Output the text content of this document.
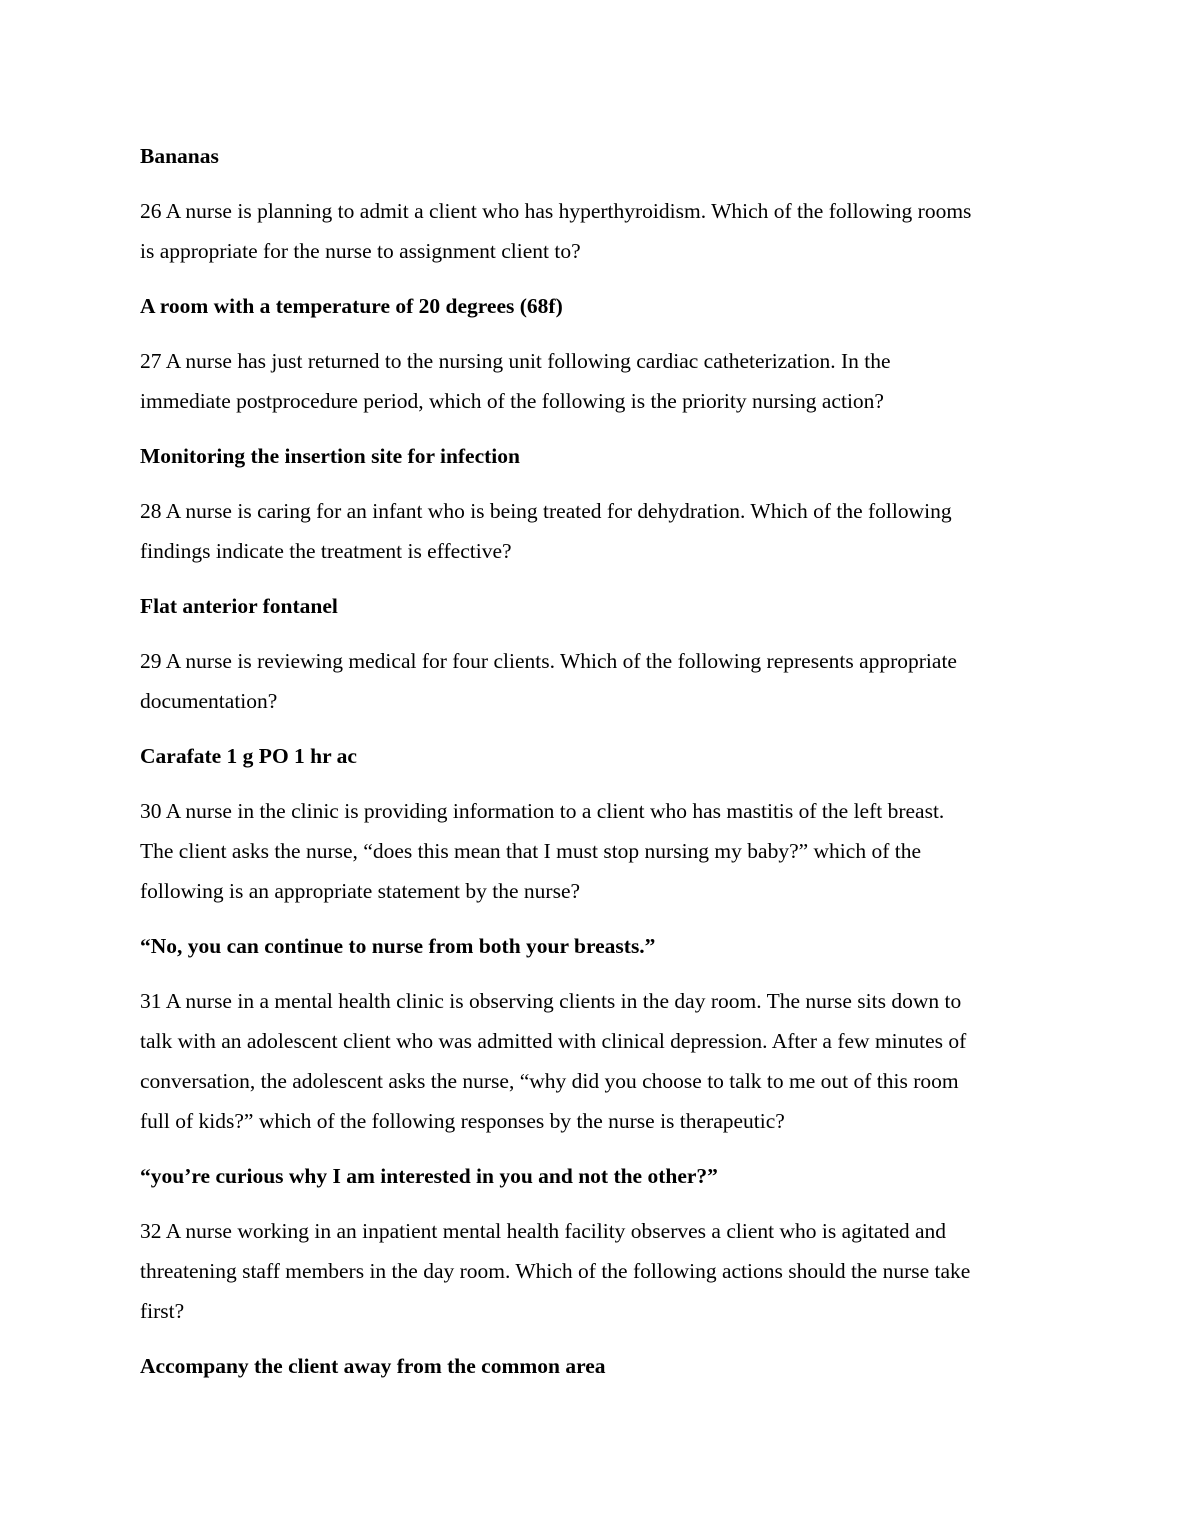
Bananas

26 A nurse is planning to admit a client who has hyperthyroidism. Which of the following rooms
is appropriate for the nurse to assignment client to?

A room with a temperature of 20 degrees (68f)

27 A nurse has just returned to the nursing unit following cardiac catheterization. In the
immediate postprocedure period, which of the following is the priority nursing action?

Monitoring the insertion site for infection

28 A nurse is caring for an infant who is being treated for dehydration. Which of the following
findings indicate the treatment is effective?

Flat anterior fontanel

29 A nurse is reviewing medical for four clients. Which of the following represents appropriate
documentation?

Carafate 1 g PO 1 hr ac

30 A nurse in the clinic is providing information to a client who has mastitis of the left breast.
The client asks the nurse, “does this mean that I must stop nursing my baby?” which of the
following is an appropriate statement by the nurse?

“No, you can continue to nurse from both your breasts.”

31 A nurse in a mental health clinic is observing clients in the day room. The nurse sits down to
talk with an adolescent client who was admitted with clinical depression. After a few minutes of
conversation, the adolescent asks the nurse, “why did you choose to talk to me out of this room
full of kids?” which of the following responses by the nurse is therapeutic?

“you’re curious why I am interested in you and not the other?”

32 A nurse working in an inpatient mental health facility observes a client who is agitated and
threatening staff members in the day room. Which of the following actions should the nurse take
first?

Accompany the client away from the common area
